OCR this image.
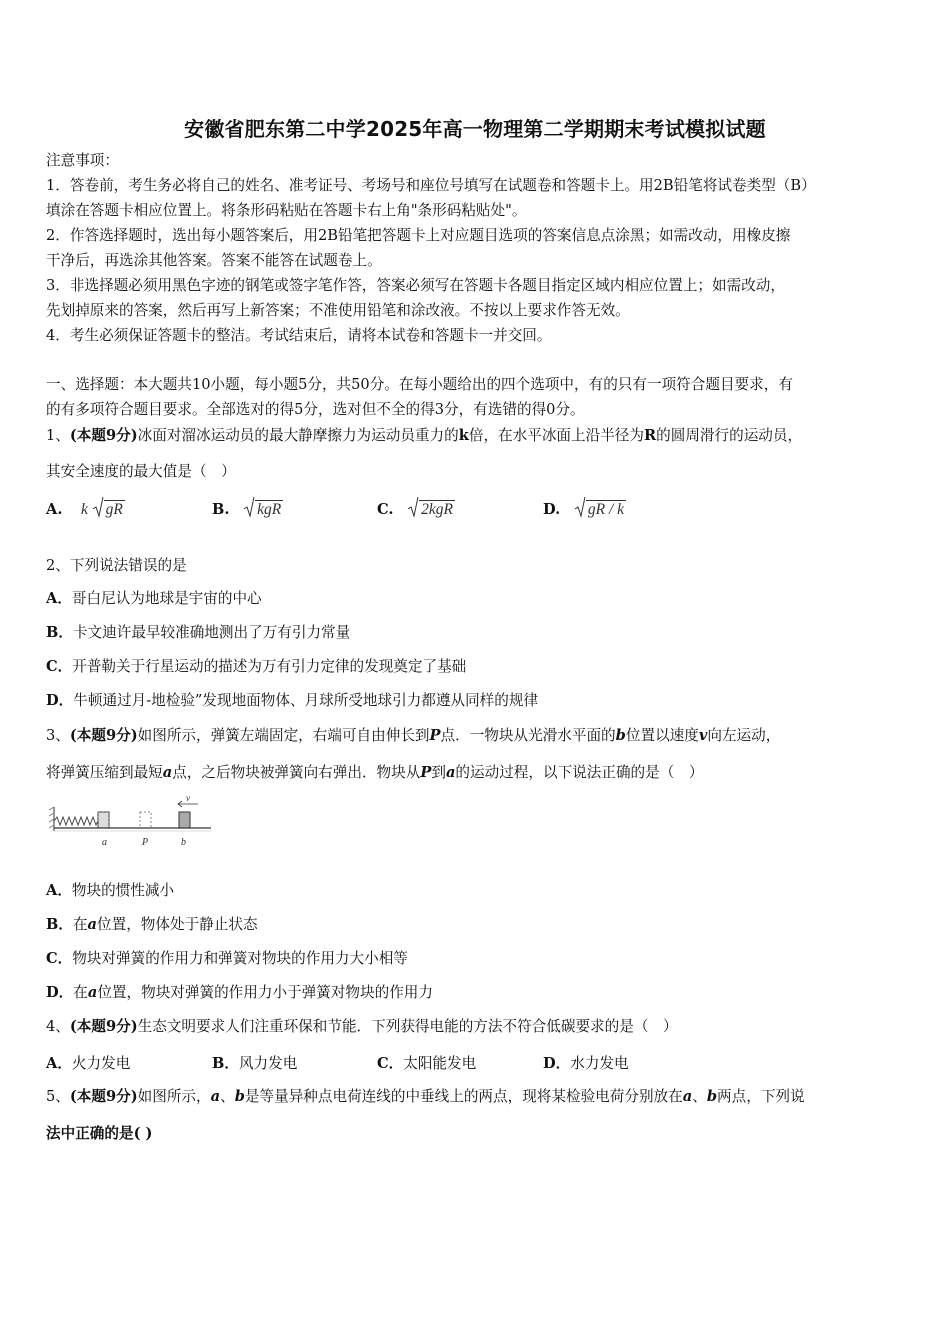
安徽省肥东第二中学2025年高一物理第二学期期末考试模拟试题
注意事项：
1．答卷前，考生务必将自己的姓名、准考证号、考场号和座位号填写在试题卷和答题卡上。用2B铅笔将试卷类型（B）
填涂在答题卡相应位置上。将条形码粘贴在答题卡右上角"条形码粘贴处"。
2．作答选择题时，选出每小题答案后，用2B铅笔把答题卡上对应题目选项的答案信息点涂黑；如需改动，用橡皮擦
干净后，再选涂其他答案。答案不能答在试题卷上。
3．非选择题必须用黑色字迹的钢笔或签字笔作答，答案必须写在答题卡各题目指定区域内相应位置上；如需改动，
先划掉原来的答案，然后再写上新答案；不准使用铅笔和涂改液。不按以上要求作答无效。
4．考生必须保证答题卡的整洁。考试结束后，请将本试卷和答题卡一并交回。
一、选择题：本大题共10小题，每小题5分，共50分。在每小题给出的四个选项中，有的只有一项符合题目要求，有
的有多项符合题目要求。全部选对的得5分，选对但不全的得3分，有选错的得0分。
1、(本题9分)冰面对溜冰运动员的最大静摩擦力为运动员重力的k倍，在水平冰面上沿半径为R的圆周滑行的运动员，
其安全速度的最大值是（　）
A. k gR	B. kgR	C. 2kgR	D. gR / k
2、下列说法错误的是
A．哥白尼认为地球是宇宙的中心
B．卡文迪许最早较准确地测出了万有引力常量
C．开普勒关于行星运动的描述为万有引力定律的发现奠定了基础
D．牛顿通过月-地检验”发现地面物体、月球所受地球引力都遵从同样的规律
3、(本题9分)如图所示，弹簧左端固定，右端可自由伸长到P点．一物块从光滑水平面的b位置以速度v向左运动，
将弹簧压缩到最短a点，之后物块被弹簧向右弹出．物块从P到a的运动过程，以下说法正确的是（　）
v
a	P	b
A．物块的惯性减小
B．在a位置，物体处于静止状态
C．物块对弹簧的作用力和弹簧对物块的作用力大小相等
D．在a位置，物块对弹簧的作用力小于弹簧对物块的作用力
4、(本题9分)生态文明要求人们注重环保和节能．下列获得电能的方法不符合低碳要求的是（　）
A．火力发电	B．风力发电	C．太阳能发电	D．水力发电
5、(本题9分)如图所示，a、b是等量异种点电荷连线的中垂线上的两点，现将某检验电荷分别放在a、b两点，下列说
法中正确的是( )
